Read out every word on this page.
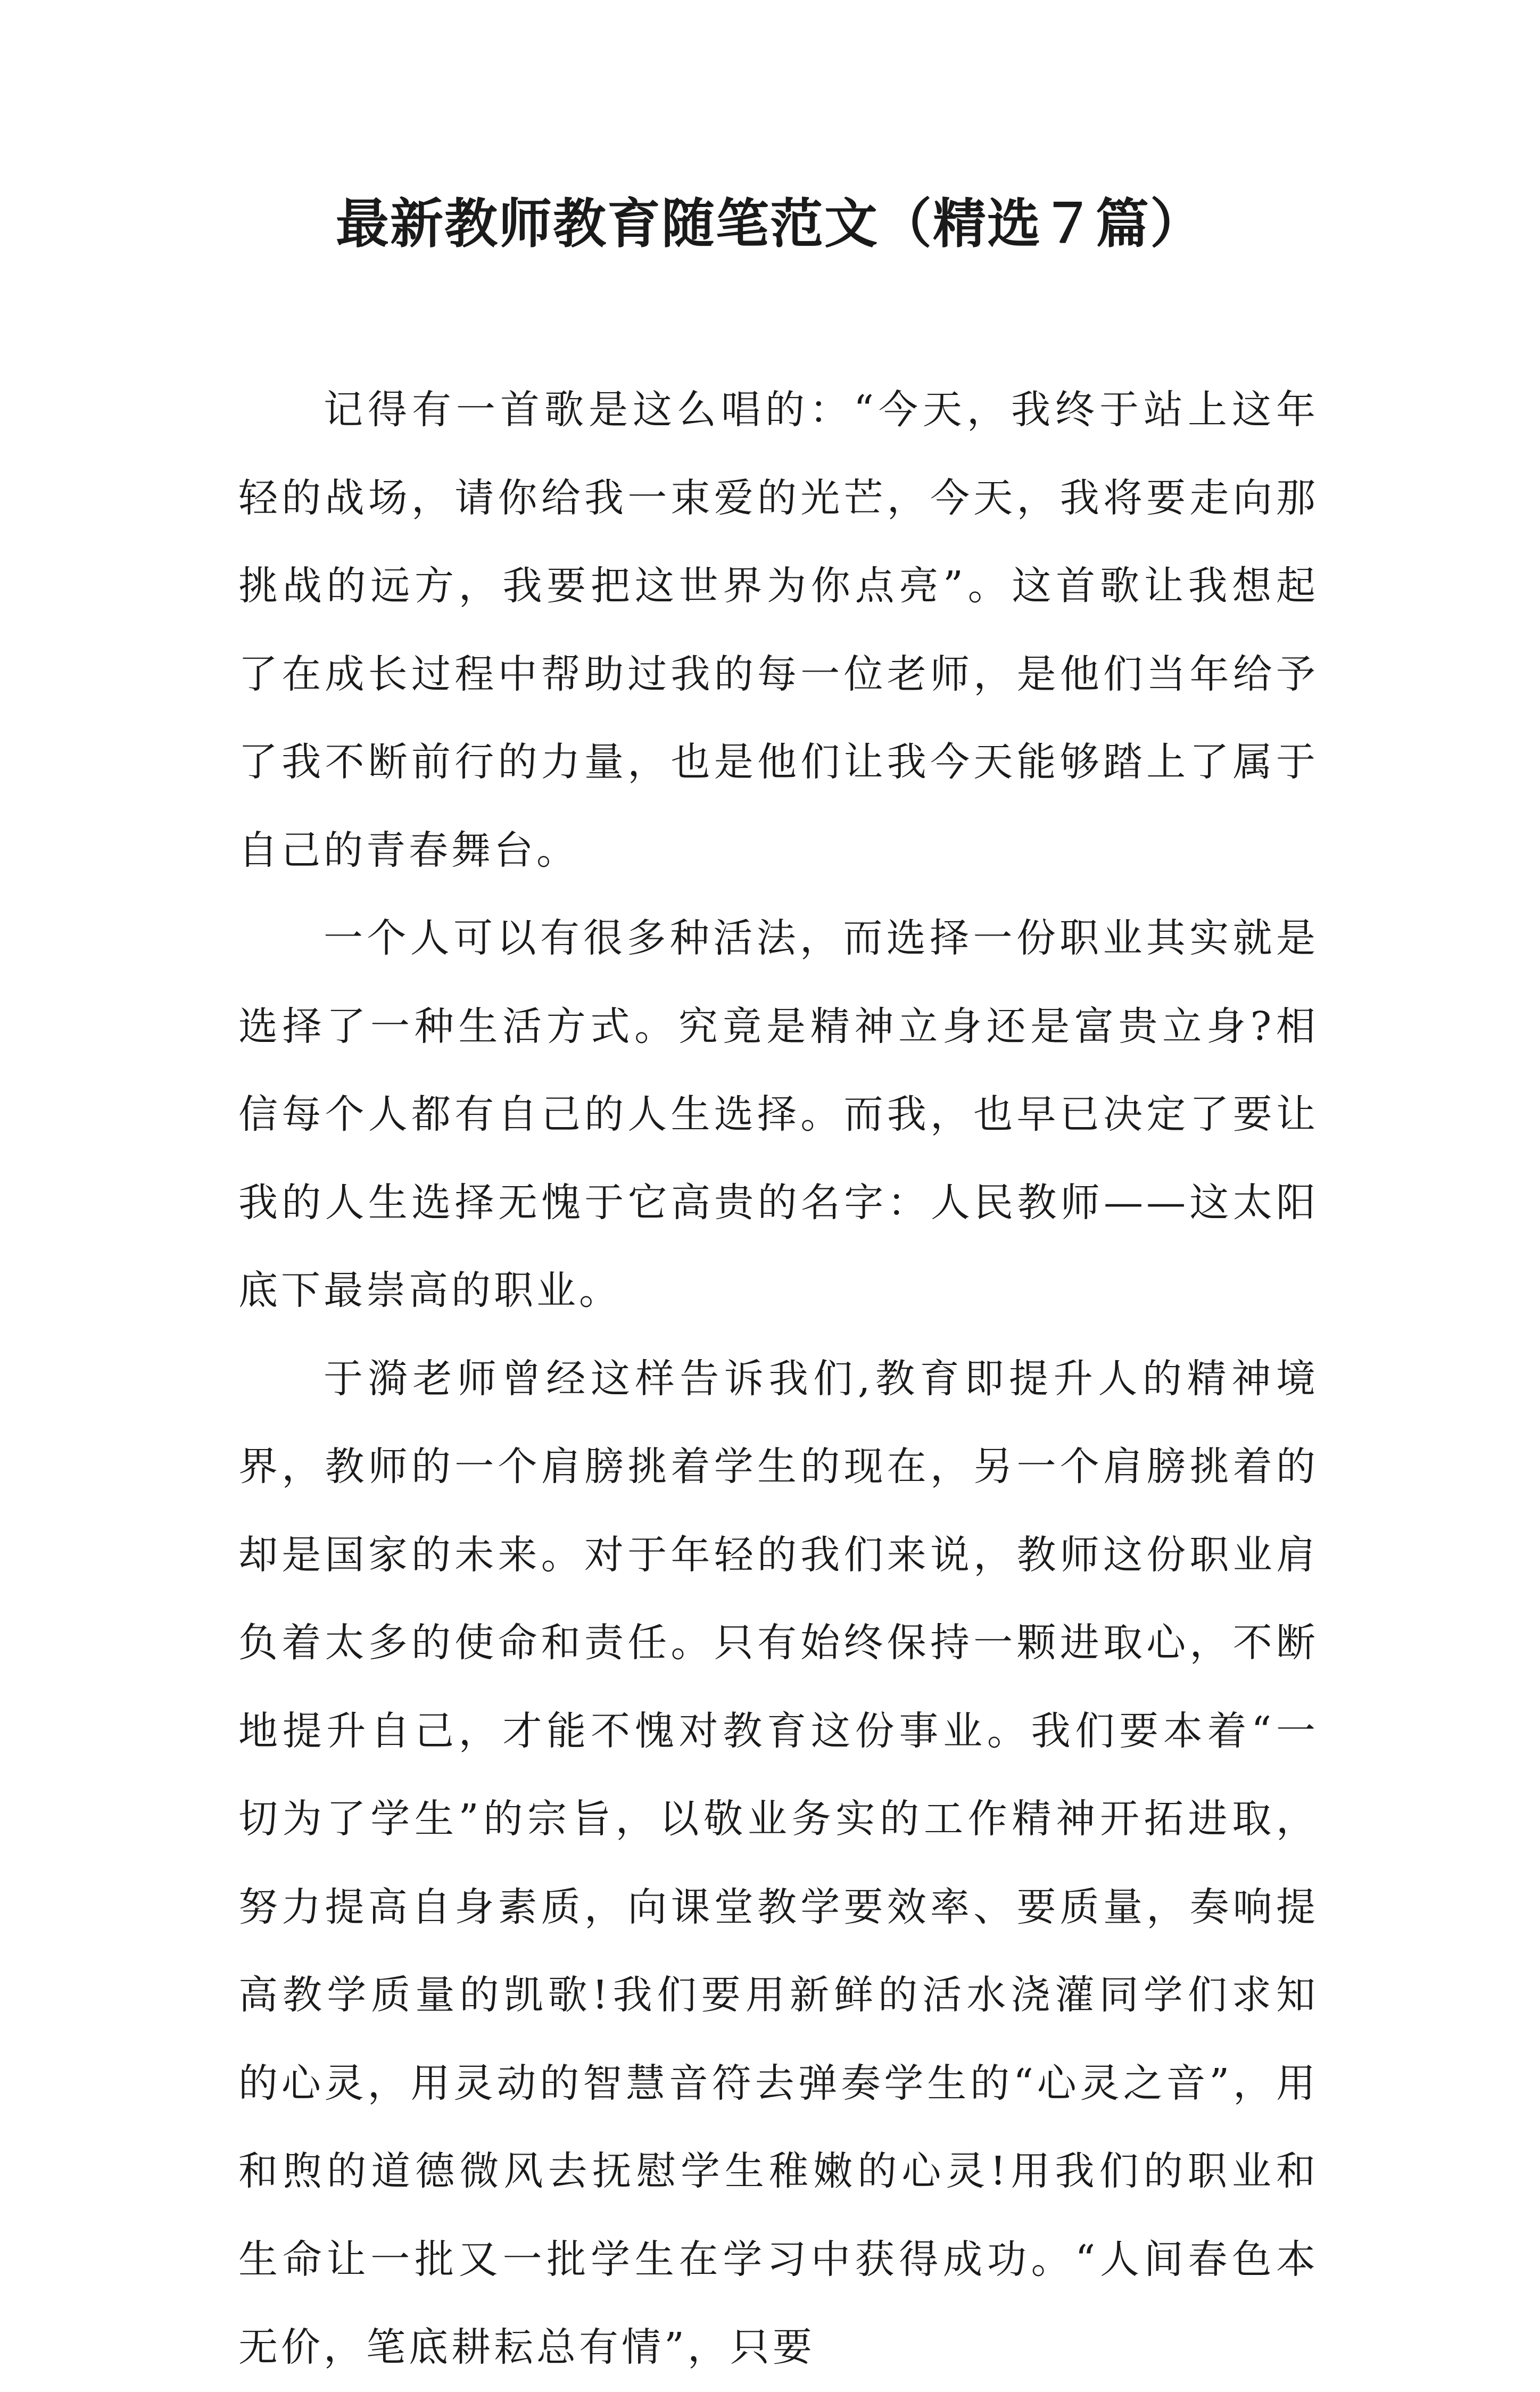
最新教师教育随笔范文（精选７篇）

记得有一首歌是这么唱的：“今天，我终于站上这年轻的战场，请你给我一束爱的光芒，今天，我将要走向那挑战的远方，我要把这世界为你点亮”。这首歌让我想起了在成长过程中帮助过我的每一位老师，是他们当年给予了我不断前行的力量，也是他们让我今天能够踏上了属于自己的青春舞台。

一个人可以有很多种活法，而选择一份职业其实就是选择了一种生活方式。究竟是精神立身还是富贵立身?相信每个人都有自己的人生选择。而我，也早已决定了要让我的人生选择无愧于它高贵的名字：人民教师——这太阳底下最崇高的职业。

于漪老师曾经这样告诉我们,教育即提升人的精神境界，教师的一个肩膀挑着学生的现在，另一个肩膀挑着的却是国家的未来。对于年轻的我们来说，教师这份职业肩负着太多的使命和责任。只有始终保持一颗进取心，不断地提升自己，才能不愧对教育这份事业。我们要本着“一切为了学生”的宗旨，以敬业务实的工作精神开拓进取，努力提高自身素质，向课堂教学要效率、要质量，奏响提高教学质量的凯歌!我们要用新鲜的活水浇灌同学们求知的心灵，用灵动的智慧音符去弹奏学生的“心灵之音”，用和煦的道德微风去抚慰学生稚嫩的心灵!用我们的职业和生命让一批又一批学生在学习中获得成功。“人间春色本无价，笔底耕耘总有情”，只要
